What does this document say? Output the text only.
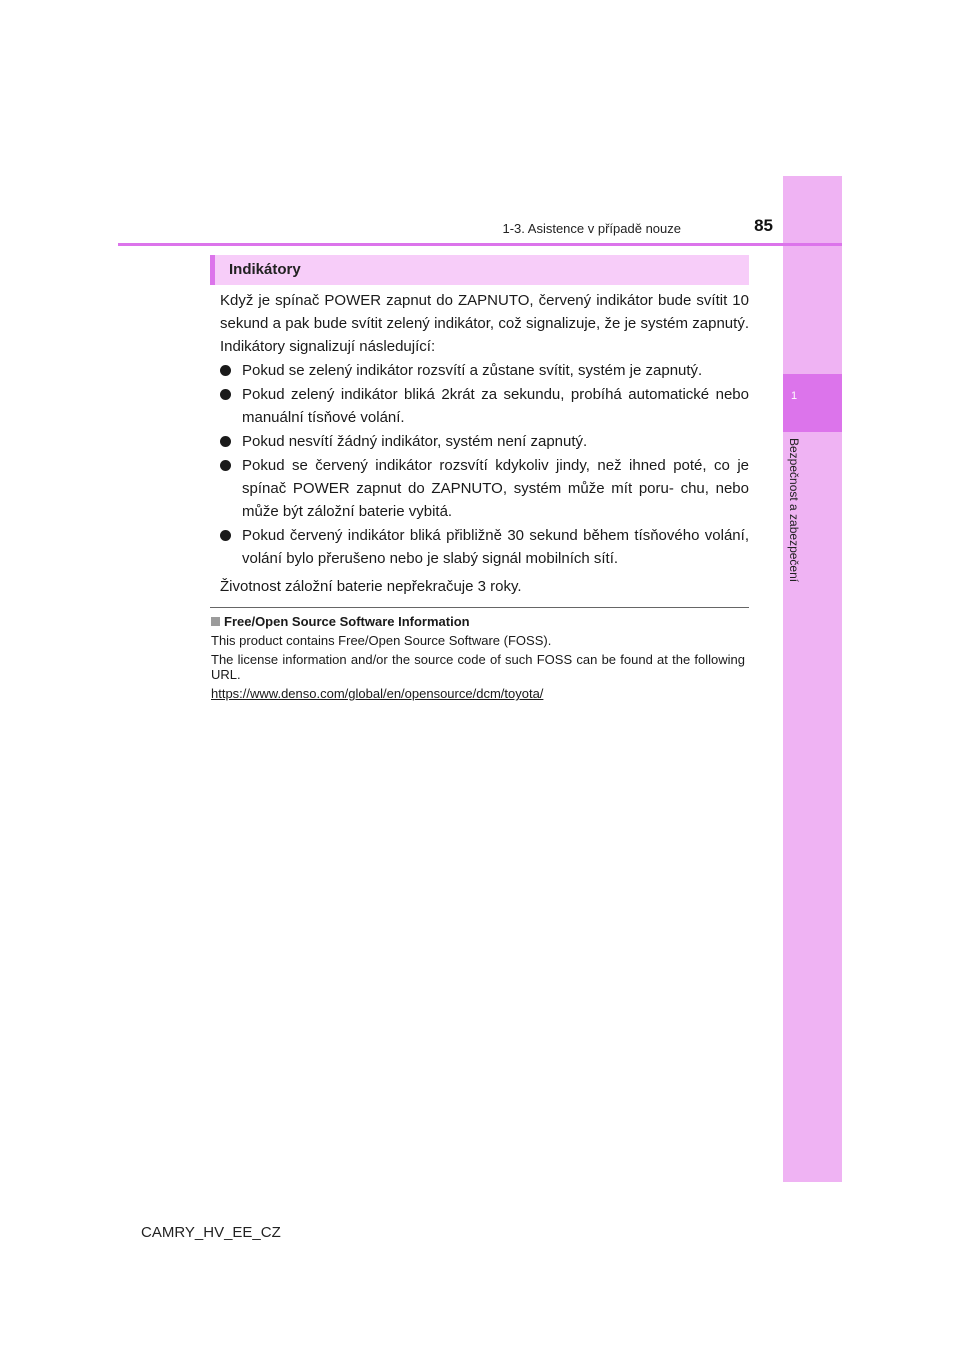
1
Bezpečnost a zabezpečení
1-3. Asistence v případě nouze	85
Indikátory

Když je spínač POWER zapnut do ZAPNUTO, červený indikátor bude svítit 10 sekund a pak bude svítit zelený indikátor, což signalizuje, že je systém zapnutý. Indikátory signalizují následující:

Pokud se zelený indikátor rozsvítí a zůstane svítit, systém je zapnutý.
Pokud zelený indikátor bliká 2krát za sekundu, probíhá automatické nebo manuální tísňové volání.
Pokud nesvítí žádný indikátor, systém není zapnutý.
Pokud se červený indikátor rozsvítí kdykoliv jindy, než ihned poté, co je spínač POWER zapnut do ZAPNUTO, systém může mít poru- chu, nebo může být záložní baterie vybitá.
Pokud červený indikátor bliká přibližně 30 sekund během tísňového volání, volání bylo přerušeno nebo je slabý signál mobilních sítí.

Životnost záložní baterie nepřekračuje 3 roky.

Free/Open Source Software Information

This product contains Free/Open Source Software (FOSS).

The license information and/or the source code of such FOSS can be found at the following URL.

https://www.denso.com/global/en/opensource/dcm/toyota/
CAMRY_HV_EE_CZ
